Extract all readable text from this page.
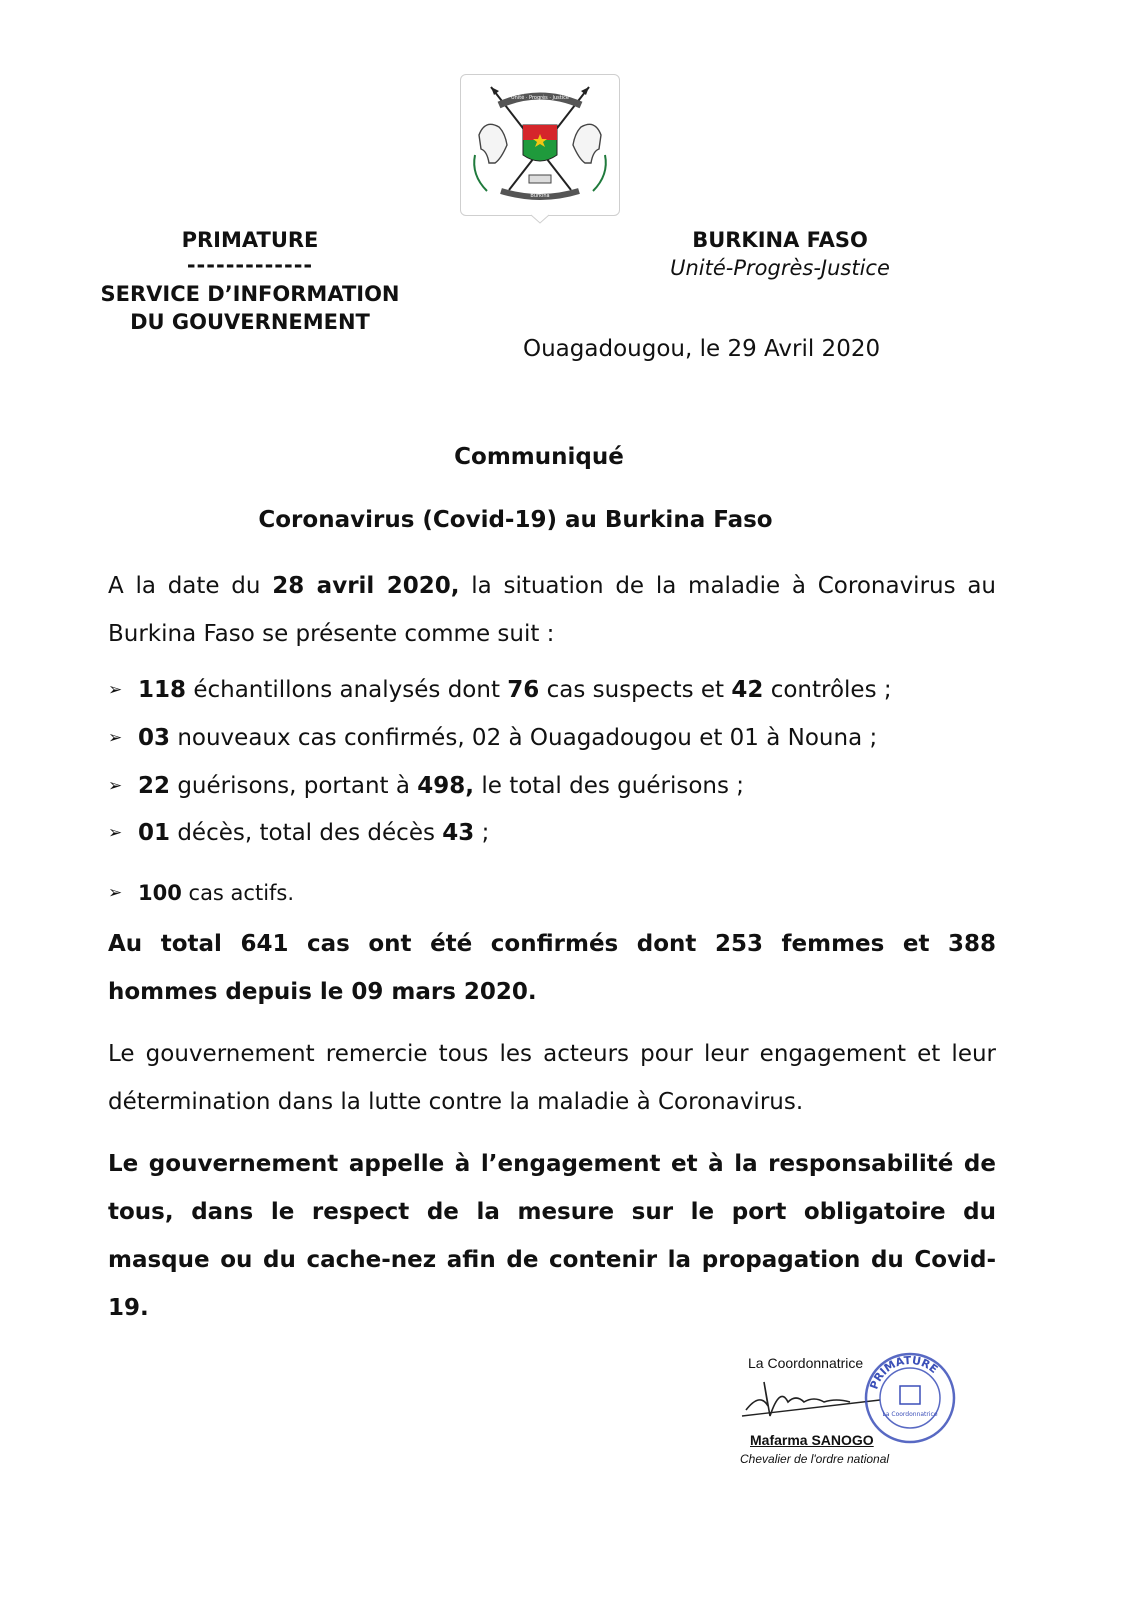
Unité · Progrès · Justice
Burkina
PRIMATURE
-------------
SERVICE D’INFORMATION
DU GOUVERNEMENT
BURKINA FASO
Unité-Progrès-Justice
Ouagadougou, le 29 Avril 2020
Communiqué
Coronavirus (Covid-19) au Burkina Faso
A la date du 28 avril 2020, la situation de la maladie à Coronavirus au Burkina Faso se présente comme suit :
➢ 118 échantillons analysés dont 76 cas suspects et 42 contrôles ;
➢ 03 nouveaux cas confirmés, 02 à Ouagadougou et 01 à Nouna ;
➢ 22 guérisons, portant à 498, le total des guérisons ;
➢ 01 décès, total des décès 43 ;
➢ 100 cas actifs.
Au total 641 cas ont été confirmés dont 253 femmes et 388
hommes depuis le 09 mars 2020.
Le gouvernement remercie tous les acteurs pour leur engagement et leur détermination dans la lutte contre la maladie à Coronavirus.
Le gouvernement appelle à l’engagement et à la responsabilité de tous, dans le respect de la mesure sur le port obligatoire du masque ou du cache-nez afin de contenir la propagation du Covid-19.
La Coordonnatrice
Mafarma SANOGO
Chevalier de l'ordre national
PRIMATURE
La Coordonnatrice
